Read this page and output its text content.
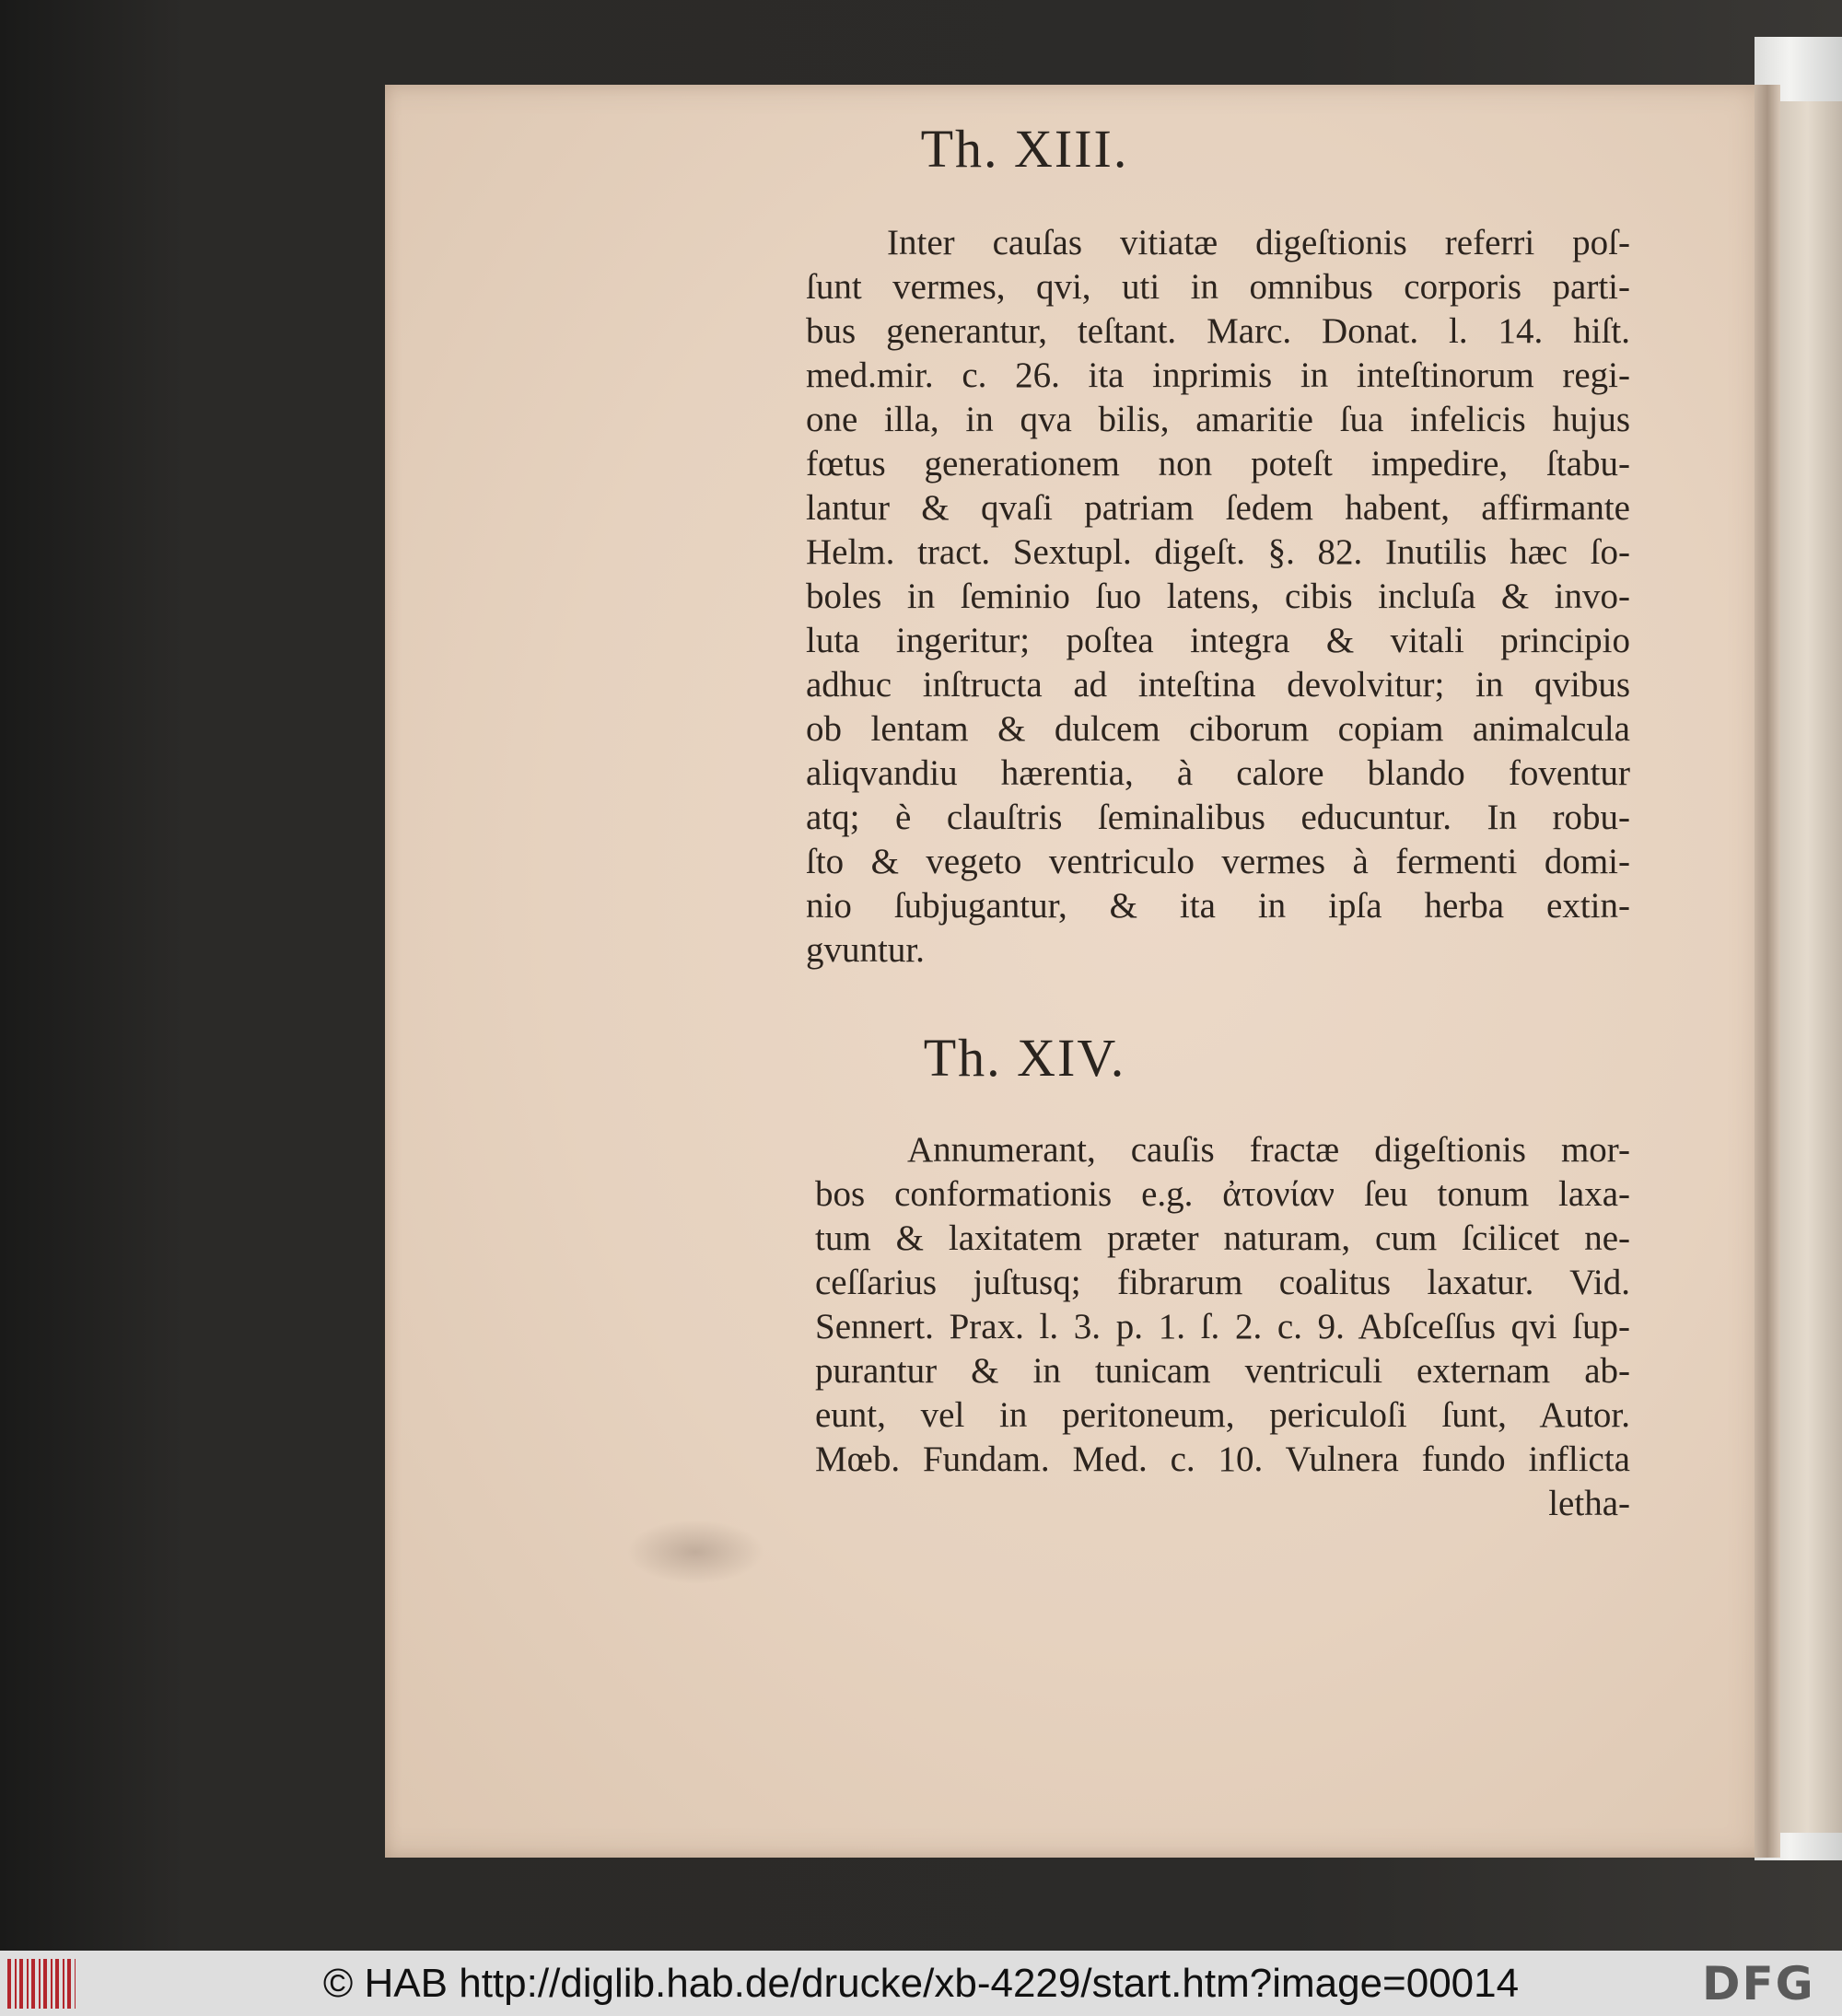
Th. XIII.
Inter cauſas vitiatæ digeſtionis referri poſ-
ſunt vermes, qvi, uti in omnibus corporis parti-
bus generantur, teſtant. Marc. Donat. l. 14. hiſt.
med.mir. c. 26. ita inprimis in inteſtinorum regi-
one illa, in qva bilis, amaritie ſua infelicis hujus
fœtus generationem non poteſt impedire, ſtabu-
lantur & qvaſi patriam ſedem habent, affirmante
Helm. tract. Sextupl. digeſt. §. 82. Inutilis hæc ſo-
boles in ſeminio ſuo latens, cibis incluſa & invo-
luta ingeritur; poſtea integra & vitali principio
adhuc inſtructa ad inteſtina devolvitur; in qvibus
ob lentam & dulcem ciborum copiam animalcula
aliqvandiu hærentia, à calore blando foventur
atq; è clauſtris ſeminalibus educuntur. In robu-
ſto & vegeto ventriculo vermes à fermenti domi-
nio ſubjugantur, & ita in ipſa herba extin-
gvuntur.
Th. XIV.
Annumerant, cauſis fractæ digeſtionis mor-
bos conformationis e.g. ἀτονίαν ſeu tonum laxa-
tum & laxitatem præter naturam, cum ſcilicet ne-
ceſſarius juſtusq; fibrarum coalitus laxatur. Vid.
Sennert. Prax. l. 3. p. 1. ſ. 2. c. 9. Abſceſſus qvi ſup-
purantur & in tunicam ventriculi externam ab-
eunt, vel in peritoneum, periculoſi ſunt, Autor.
Mœb. Fundam. Med. c. 10. Vulnera fundo inflicta
letha-
© HAB http://diglib.hab.de/drucke/xb-4229/start.htm?image=00014	DFG
